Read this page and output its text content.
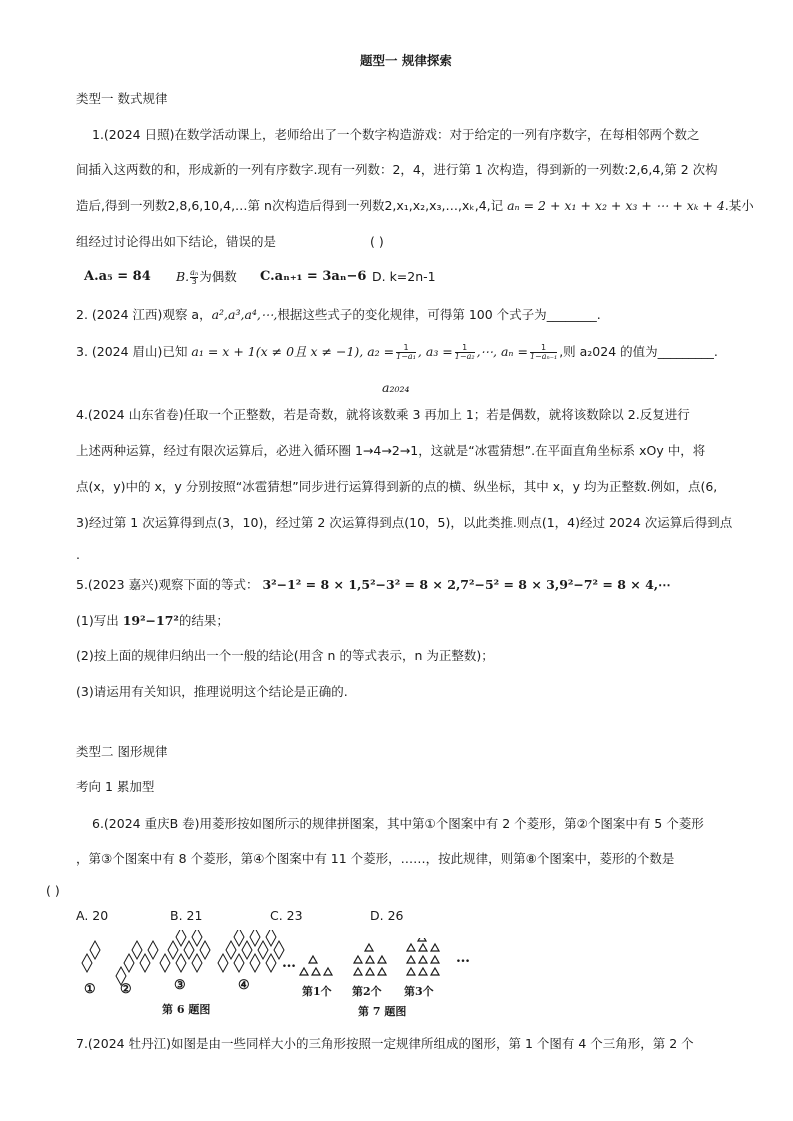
题型一 规律探索
类型一 数式规律
1.(2024 日照)在数学活动课上，老师给出了一个数字构造游戏：对于给定的一列有序数字，在每相邻两个数之
间插入这两数的和，形成新的一列有序数字.现有一列数：2，4，进行第 1 次构造，得到新的一列数:2,6,4,第 2 次构
造后,得到一列数2,8,6,10,4,…第 n次构造后得到一列数2,x₁,x₂,x₃,…,xₖ,4,记 aₙ = 2 + x₁ + x₂ + x₃ + ⋯ + xₖ + 4.某小
组经过讨论得出如下结论，错误的是	( )
A.a₅ = 84 B. $\frac{\text{aₙ}}{3}$ 为偶数 C.aₙ₊₁ = 3aₙ−6 D. k=2n-1
2. (2024 江西)观察 a，a²,a³,a⁴,⋯,根据这些式子的变化规律，可得第 100 个式子为________.
3. (2024 眉山)已知 a₁ = x + 1(x ≠ 0且 x ≠ −1), $a_2 = \frac{1}{\text{1−a₁}}$ , $a_3 = \frac{1}{\text{1−a₂}}$ ,⋯, $a_n = \frac{1}{\text{1−aₙ₋₁}}$ ,则 a₂024 的值为_________.
a₂₀₂₄
4.(2024 山东省卷)任取一个正整数，若是奇数，就将该数乘 3 再加上 1；若是偶数，就将该数除以 2.反复进行
上述两种运算，经过有限次运算后，必进入循环圈 1→4→2→1，这就是“冰雹猜想”.在平面直角坐标系 xOy 中，将
点(x，y)中的 x，y 分别按照“冰雹猜想”同步进行运算得到新的点的横、纵坐标，其中 x，y 均为正整数.例如，点(6,
3)经过第 1 次运算得到点(3，10)，经过第 2 次运算得到点(10，5)，以此类推.则点(1，4)经过 2024 次运算后得到点
.
5.(2023 嘉兴)观察下面的等式： 3²−1² = 8 × 1,5²−3² = 8 × 2,7²−5² = 8 × 3,9²−7² = 8 × 4,⋯
(1)写出 19²−17²的结果；
(2)按上面的规律归纳出一个一般的结论(用含 n 的等式表示，n 为正整数)；
(3)请运用有关知识，推理说明这个结论是正确的.
类型二 图形规律
考向 1 累加型
6.(2024 重庆B 卷)用菱形按如图所示的规律拼图案，其中第①个图案中有 2 个菱形，第②个图案中有 5 个菱形
，第③个图案中有 8 个菱形，第④个图案中有 11 个菱形，……，按此规律，则第⑧个图案中，菱形的个数是
( )
A. 20	B. 21	C. 23	D. 26
① ②	③	④
…
第 6 题图
第1个 第2个 第3个
…
第 7 题图
7.(2024 牡丹江)如图是由一些同样大小的三角形按照一定规律所组成的图形，第 1 个图有 4 个三角形，第 2 个
